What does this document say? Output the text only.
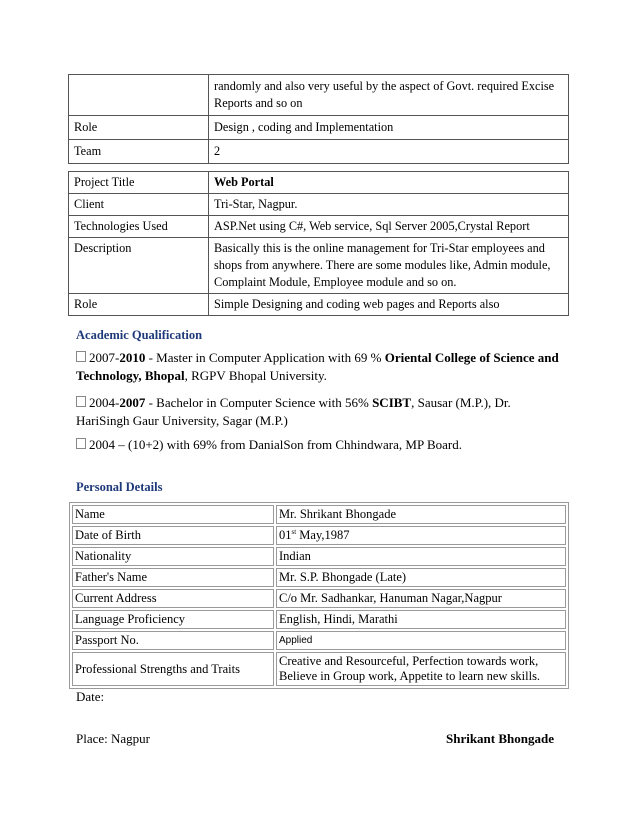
	randomly and also very useful by the aspect of Govt. required Excise Reports and so on
Role	Design , coding and Implementation
Team	2
Project Title	Web Portal
Client	Tri-Star, Nagpur.
Technologies Used	ASP.Net using C#, Web service, Sql Server 2005,Crystal Report
Description	Basically this is the online management for Tri-Star employees and shops from anywhere. There are some modules like, Admin module, Complaint Module, Employee module and so on.
Role	Simple Designing and coding web pages and Reports also
Academic Qualification
2007-2010 - Master in Computer Application with 69 % Oriental College of Science and Technology, Bhopal, RGPV Bhopal University.
2004-2007 - Bachelor in Computer Science with 56% SCIBT, Sausar (M.P.), Dr. HariSingh Gaur University, Sagar (M.P.)
2004 – (10+2) with 69% from DanialSon from Chhindwara, MP Board.
Personal Details
Name	Mr. Shrikant Bhongade
Date of Birth	01st May,1987
Nationality	Indian
Father's Name	Mr. S.P. Bhongade (Late)
Current Address	C/o Mr. Sadhankar, Hanuman Nagar,Nagpur
Language Proficiency	English, Hindi, Marathi
Passport No.	Applied
Professional Strengths and Traits	Creative and Resourceful, Perfection towards work, Believe in Group work, Appetite to learn new skills.
Date:
Place: Nagpur	Shrikant Bhongade
